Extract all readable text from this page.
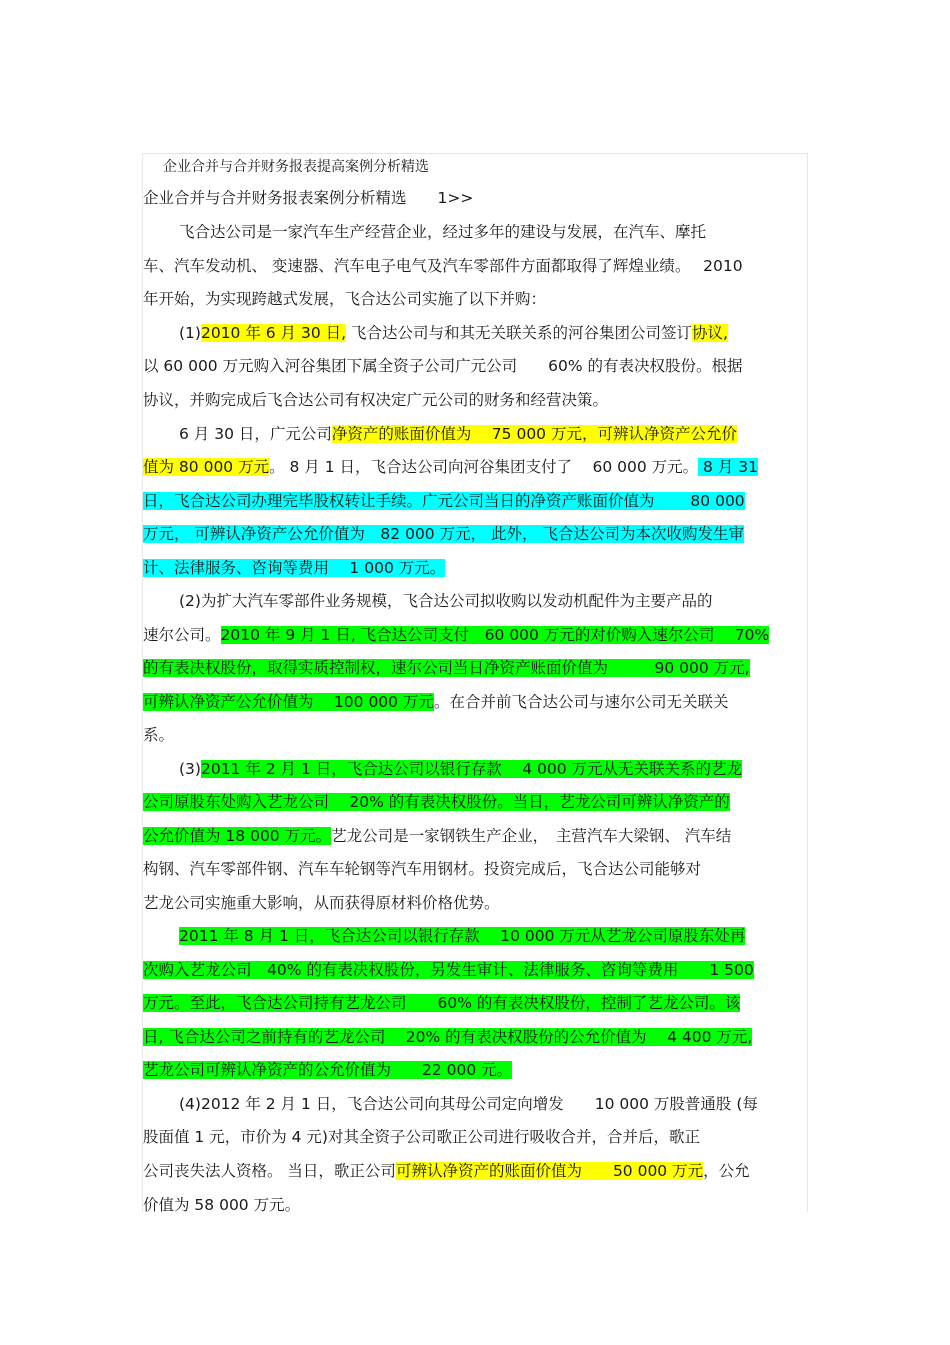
企业合并与合并财务报表提高案例分析精选
企业合并与合并财务报表案例分析精选　　1>>
飞合达公司是一家汽车生产经营企业，经过多年的建设与发展，在汽车、摩托
车、汽车发动机、 变速器、汽车电子电气及汽车零部件方面都取得了辉煌业绩。　 2010
年开始，为实现跨越式发展，飞合达公司实施了以下并购：
(1)2010 年 6 月 30 日, 飞合达公司与和其无关联关系的河谷集团公司签订协议,
以 60 000 万元购入河谷集团下属全资子公司广元公司　　60% 的有表决权股份。根据
协议，并购完成后飞合达公司有权决定广元公司的财务和经营决策。
6 月 30 日，广元公司净资产的账面价值为　 75 000 万元，可辨认净资产公允价
值为 80 000 万元。 8 月 1 日，飞合达公司向河谷集团支付了　 60 000 万元。 8 月 31
日，飞合达公司办理完毕股权转让手续。广元公司当日的净资产账面价值为　　 80 000
万元， 可辨认净资产公允价值为　82 000 万元， 此外， 飞合达公司为本次收购发生审
计、法律服务、咨询等费用　 1 000 万元。
(2)为扩大汽车零部件业务规模，飞合达公司拟收购以发动机配件为主要产品的
速尔公司。2010 年 9 月 1 日, 飞合达公司支付　60 000 万元的对价购入速尔公司　 70%
的有表决权股份，取得实质控制权，速尔公司当日净资产账面价值为　　　90 000 万元,
可辨认净资产公允价值为　 100 000 万元。在合并前飞合达公司与速尔公司无关联关
系。
(3)2011 年 2 月 1 日，飞合达公司以银行存款　 4 000 万元从无关联关系的艺龙
公司原股东处购入艺龙公司　 20% 的有表决权股份。当日，艺龙公司可辨认净资产的
公允价值为 18 000 万元。艺龙公司是一家钢铁生产企业，　主营汽车大梁钢、 汽车结
构钢、汽车零部件钢、汽车车轮钢等汽车用钢材。投资完成后，飞合达公司能够对
艺龙公司实施重大影响，从而获得原材料价格优势。
2011 年 8 月 1 日，飞合达公司以银行存款　 10 000 万元从艺龙公司原股东处再
次购入艺龙公司　40% 的有表决权股份，另发生审计、法律服务、咨询等费用　　1 500
万元。至此，飞合达公司持有艺龙公司　　60% 的有表决权股份，控制了艺龙公司。该
日, 飞合达公司之前持有的艺龙公司　 20% 的有表决权股份的公允价值为　 4 400 万元,
艺龙公司可辨认净资产的公允价值为　　22 000 元。
(4)2012 年 2 月 1 日，飞合达公司向其母公司定向增发　　10 000 万股普通股 (每
股面值 1 元，市价为 4 元)对其全资子公司歌正公司进行吸收合并，合并后，歌正
公司丧失法人资格。 当日，歌正公司可辨认净资产的账面价值为　　50 000 万元，公允
价值为 58 000 万元。
